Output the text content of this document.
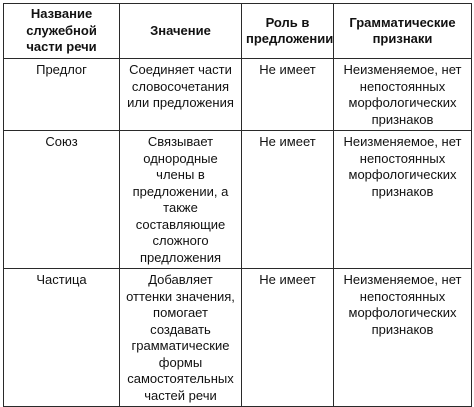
Название служебной части речи	Значение	Роль в предложении	Грамматические признаки

Предлог	Соединяет части словосочетания или предложения	Не имеет	Неизменяемое, нет непостоянных морфологических признаков

Союз	Связывает однородные члены в предложении, а также составляющие сложного предложения	Не имеет	Неизменяемое, нет непостоянных морфологических признаков

Частица	Добавляет оттенки значения, помогает создавать грамматические формы самостоятельных частей речи	Не имеет	Неизменяемое, нет непостоянных морфологических признаков
